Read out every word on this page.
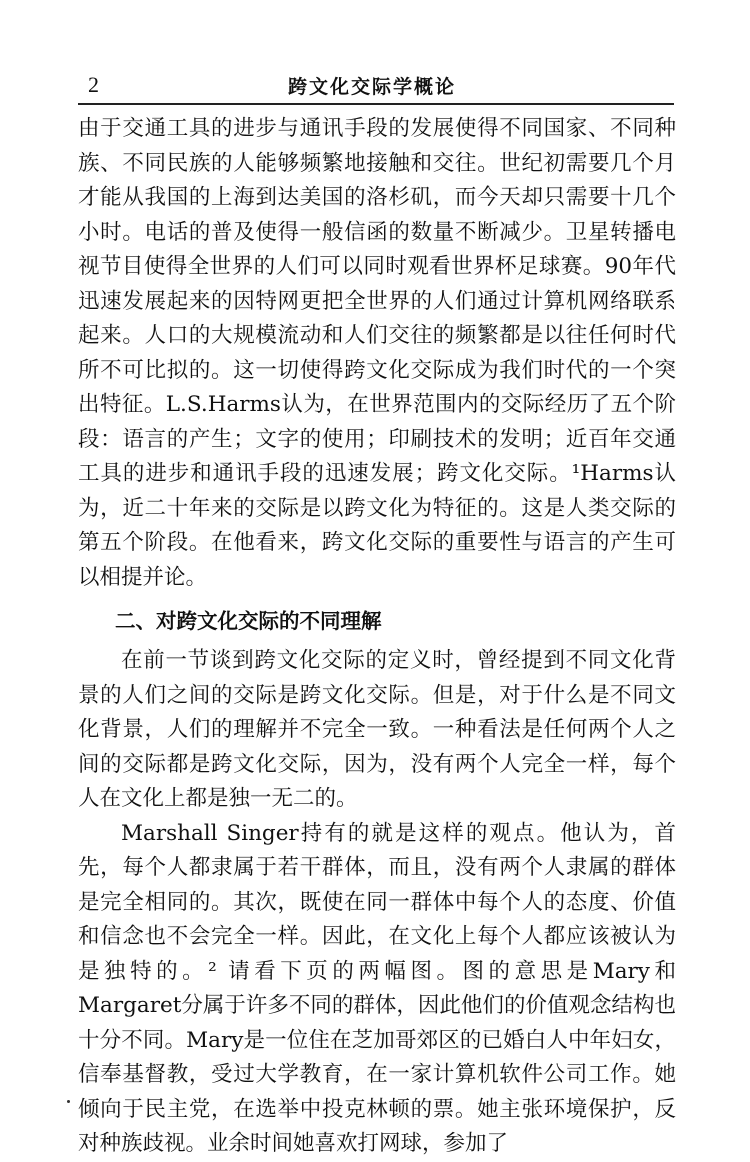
2	跨文化交际学概论

由于交通工具的进步与通讯手段的发展使得不同国家、不同种族、不同民族的人能够频繁地接触和交往。世纪初需要几个月才能从我国的上海到达美国的洛杉矶，而今天却只需要十几个小时。电话的普及使得一般信函的数量不断减少。卫星转播电视节目使得全世界的人们可以同时观看世界杯足球赛。90年代迅速发展起来的因特网更把全世界的人们通过计算机网络联系起来。人口的大规模流动和人们交往的频繁都是以往任何时代所不可比拟的。这一切使得跨文化交际成为我们时代的一个突出特征。L.S.Harms认为，在世界范围内的交际经历了五个阶段：语言的产生；文字的使用；印刷技术的发明；近百年交通工具的进步和通讯手段的迅速发展；跨文化交际。¹Harms认为，近二十年来的交际是以跨文化为特征的。这是人类交际的第五个阶段。在他看来，跨文化交际的重要性与语言的产生可以相提并论。

二、对跨文化交际的不同理解

在前一节谈到跨文化交际的定义时，曾经提到不同文化背景的人们之间的交际是跨文化交际。但是，对于什么是不同文化背景，人们的理解并不完全一致。一种看法是任何两个人之间的交际都是跨文化交际，因为，没有两个人完全一样，每个人在文化上都是独一无二的。

Marshall Singer持有的就是这样的观点。他认为，首先，每个人都隶属于若干群体，而且，没有两个人隶属的群体是完全相同的。其次，既使在同一群体中每个人的态度、价值和信念也不会完全一样。因此，在文化上每个人都应该被认为是独特的。² 请看下页的两幅图。图的意思是Mary和Margaret分属于许多不同的群体，因此他们的价值观念结构也十分不同。Mary是一位住在芝加哥郊区的已婚白人中年妇女，信奉基督教，受过大学教育，在一家计算机软件公司工作。她倾向于民主党，在选举中投克林顿的票。她主张环境保护，反对种族歧视。业余时间她喜欢打网球，参加了
